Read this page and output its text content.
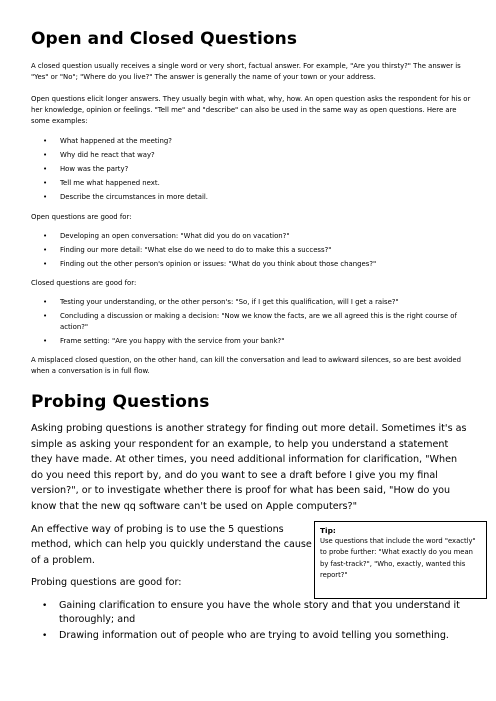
Open and Closed Questions

A closed question usually receives a single word or very short, factual answer. For example, "Are you thirsty?" The answer is "Yes" or "No"; "Where do you live?" The answer is generally the name of your town or your address.

Open questions elicit longer answers. They usually begin with what, why, how. An open question asks the respondent for his or her knowledge, opinion or feelings. "Tell me" and "describe" can also be used in the same way as open questions. Here are some examples:

• What happened at the meeting?
• Why did he react that way?
• How was the party?
• Tell me what happened next.
• Describe the circumstances in more detail.

Open questions are good for:

• Developing an open conversation: "What did you do on vacation?"
• Finding our more detail: "What else do we need to do to make this a success?"
• Finding out the other person's opinion or issues: "What do you think about those changes?"

Closed questions are good for:

• Testing your understanding, or the other person's: "So, if I get this qualification, will I get a raise?"
• Concluding a discussion or making a decision: "Now we know the facts, are we all agreed this is the right course of action?"
• Frame setting: "Are you happy with the service from your bank?"

A misplaced closed question, on the other hand, can kill the conversation and lead to awkward silences, so are best avoided when a conversation is in full flow.

Probing Questions

Asking probing questions is another strategy for finding out more detail. Sometimes it's as simple as asking your respondent for an example, to help you understand a statement they have made. At other times, you need additional information for clarification, "When do you need this report by, and do you want to see a draft before I give you my final version?", or to investigate whether there is proof for what has been said, "How do you know that the new qq software can't be used on Apple computers?"

An effective way of probing is to use the 5 questions method, which can help you quickly understand the cause of a problem.

Probing questions are good for:

• Gaining clarification to ensure you have the whole story and that you understand it thoroughly; and
• Drawing information out of people who are trying to avoid telling you something.

Tip:

Use questions that include the word "exactly" to probe further: "What exactly do you mean by fast-track?", "Who, exactly, wanted this report?"
